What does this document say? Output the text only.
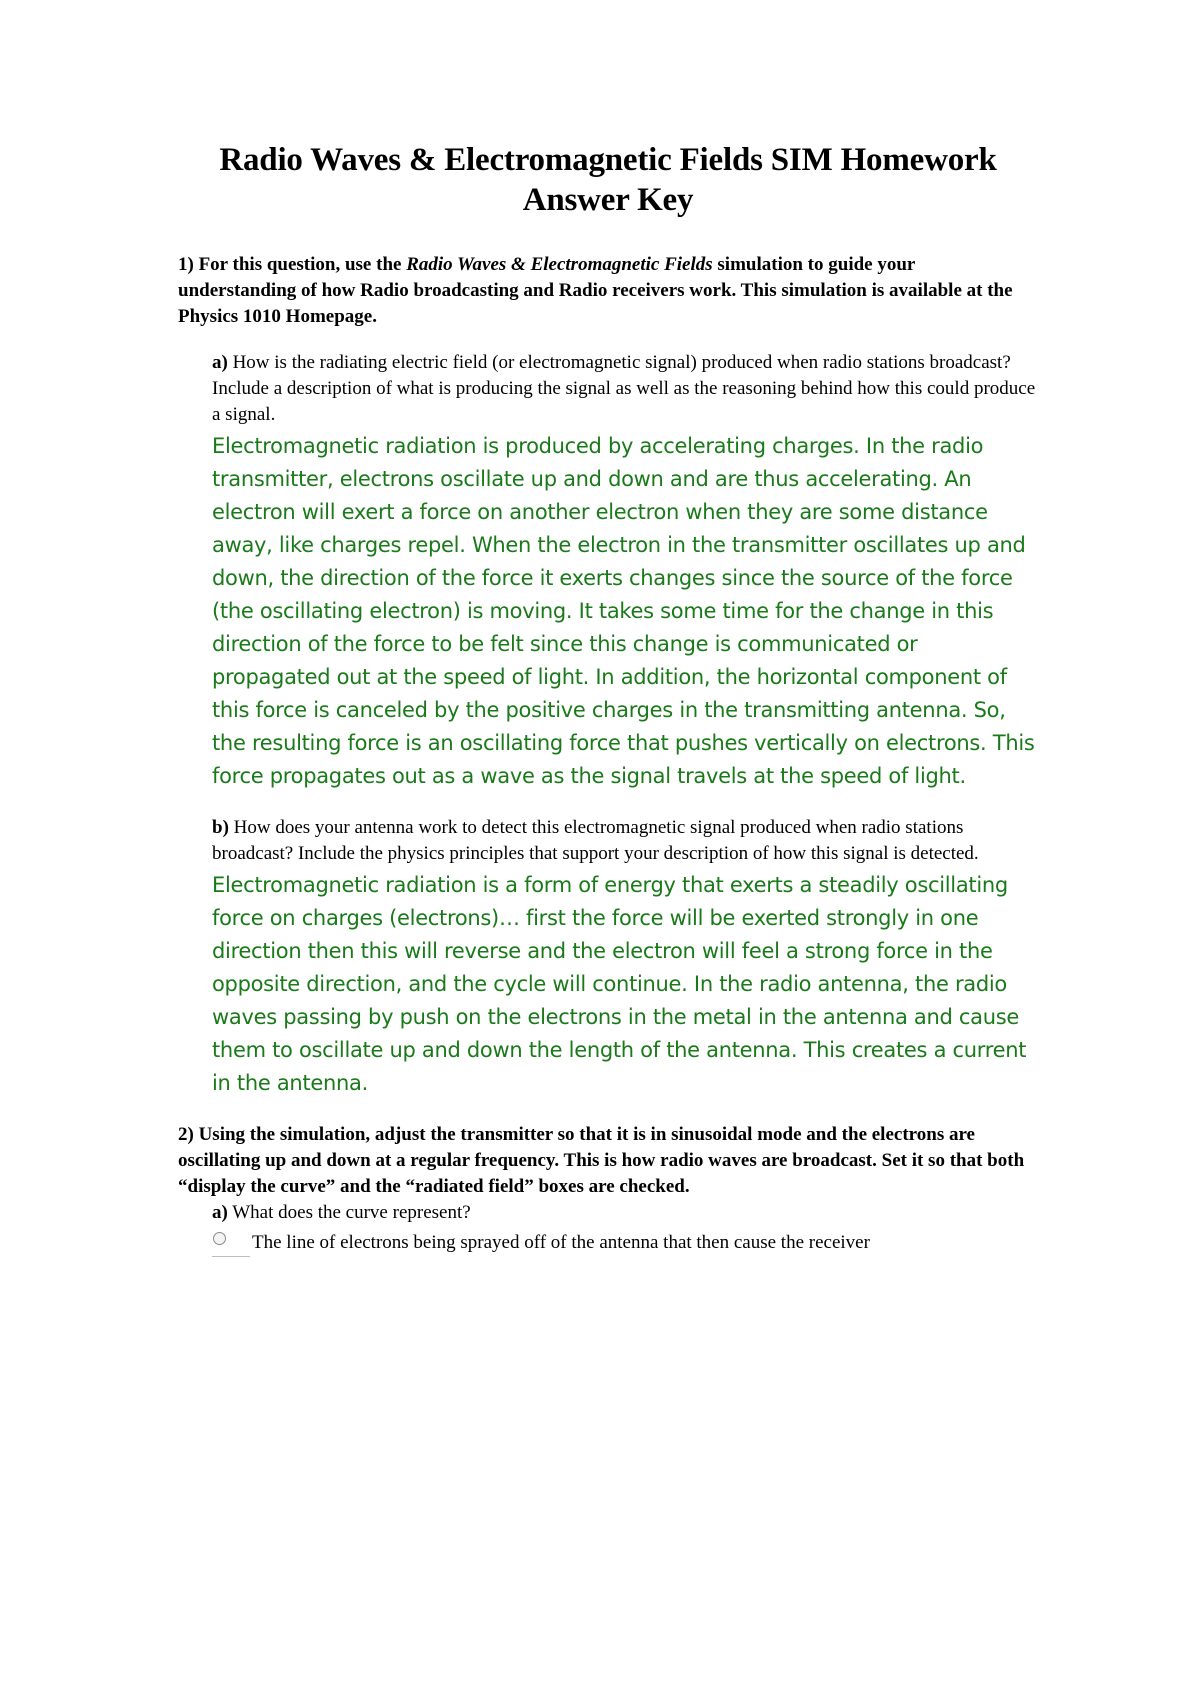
Radio Waves & Electromagnetic Fields SIM Homework
Answer Key
1) For this question, use the Radio Waves & Electromagnetic Fields simulation to guide your understanding of how Radio broadcasting and Radio receivers work. This simulation is available at the Physics 1010 Homepage.
a) How is the radiating electric field (or electromagnetic signal) produced when radio stations broadcast? Include a description of what is producing the signal as well as the reasoning behind how this could produce a signal.
Electromagnetic radiation is produced by accelerating charges. In the radio transmitter, electrons oscillate up and down and are thus accelerating. An electron will exert a force on another electron when they are some distance away, like charges repel. When the electron in the transmitter oscillates up and down, the direction of the force it exerts changes since the source of the force (the oscillating electron) is moving. It takes some time for the change in this direction of the force to be felt since this change is communicated or propagated out at the speed of light. In addition, the horizontal component of this force is canceled by the positive charges in the transmitting antenna. So, the resulting force is an oscillating force that pushes vertically on electrons. This force propagates out as a wave as the signal travels at the speed of light.
b) How does your antenna work to detect this electromagnetic signal produced when radio stations broadcast? Include the physics principles that support your description of how this signal is detected.
Electromagnetic radiation is a form of energy that exerts a steadily oscillating force on charges (electrons)… first the force will be exerted strongly in one direction then this will reverse and the electron will feel a strong force in the opposite direction, and the cycle will continue. In the radio antenna, the radio waves passing by push on the electrons in the metal in the antenna and cause them to oscillate up and down the length of the antenna. This creates a current in the antenna.
2) Using the simulation, adjust the transmitter so that it is in sinusoidal mode and the electrons are oscillating up and down at a regular frequency. This is how radio waves are broadcast. Set it so that both “display the curve” and the “radiated field” boxes are checked.
a) What does the curve represent?
The line of electrons being sprayed off of the antenna that then cause the receiver
